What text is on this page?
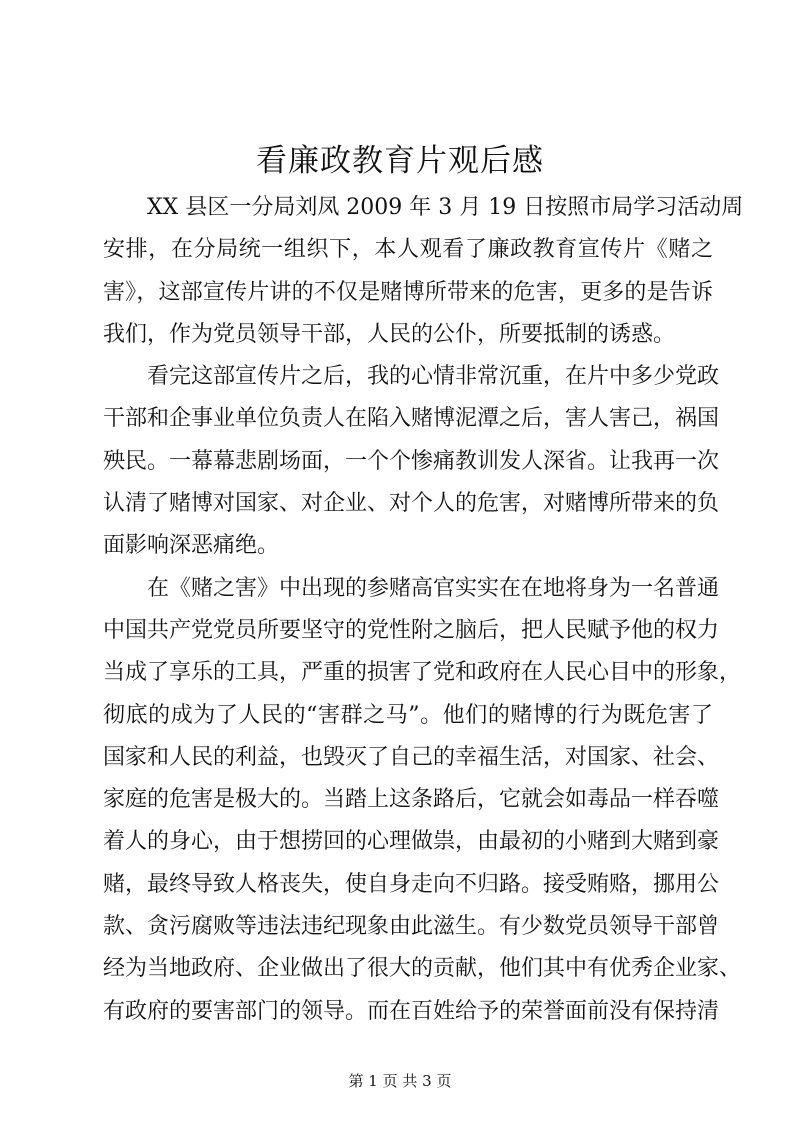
看廉政教育片观后感
XX 县区一分局刘凤 2009 年 3 月 19 日按照市局学习活动周
安排，在分局统一组织下，本人观看了廉政教育宣传片《赌之
害》，这部宣传片讲的不仅是赌博所带来的危害，更多的是告诉
我们，作为党员领导干部，人民的公仆，所要抵制的诱惑。
看完这部宣传片之后，我的心情非常沉重，在片中多少党政
干部和企事业单位负责人在陷入赌博泥潭之后，害人害己，祸国
殃民。一幕幕悲剧场面，一个个惨痛教训发人深省。让我再一次
认清了赌博对国家、对企业、对个人的危害，对赌博所带来的负
面影响深恶痛绝。
在《赌之害》中出现的参赌高官实实在在地将身为一名普通
中国共产党党员所要坚守的党性附之脑后，把人民赋予他的权力
当成了享乐的工具，严重的损害了党和政府在人民心目中的形象，
彻底的成为了人民的“害群之马”。他们的赌博的行为既危害了
国家和人民的利益，也毁灭了自己的幸福生活，对国家、社会、
家庭的危害是极大的。当踏上这条路后，它就会如毒品一样吞噬
着人的身心，由于想捞回的心理做祟，由最初的小赌到大赌到豪
赌，最终导致人格丧失，使自身走向不归路。接受贿赂，挪用公
款、贪污腐败等违法违纪现象由此滋生。有少数党员领导干部曾
经为当地政府、企业做出了很大的贡献，他们其中有优秀企业家、
有政府的要害部门的领导。而在百姓给予的荣誉面前没有保持清
第 1 页 共 3 页
